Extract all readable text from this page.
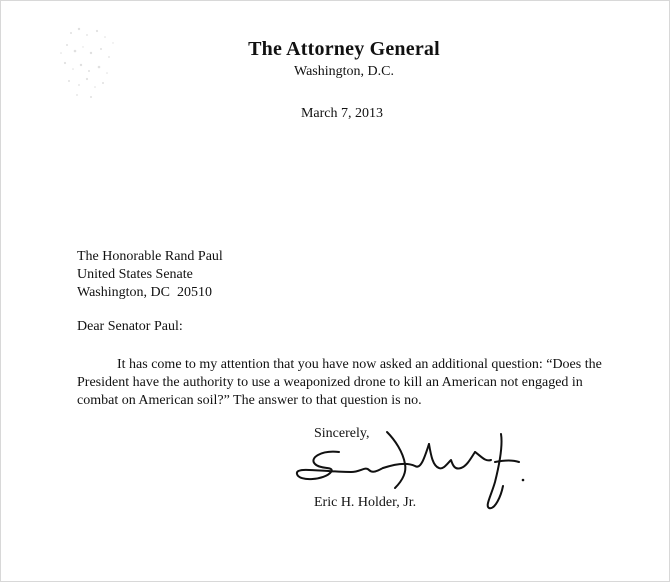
The Attorney General
Washington, D.C.
March 7, 2013
The Honorable Rand Paul
United States Senate
Washington, DC  20510
Dear Senator Paul:
It has come to my attention that you have now asked an additional question: “Does the
President have the authority to use a weaponized drone to kill an American not engaged in
combat on American soil?” The answer to that question is no.
Sincerely,
Eric H. Holder, Jr.
